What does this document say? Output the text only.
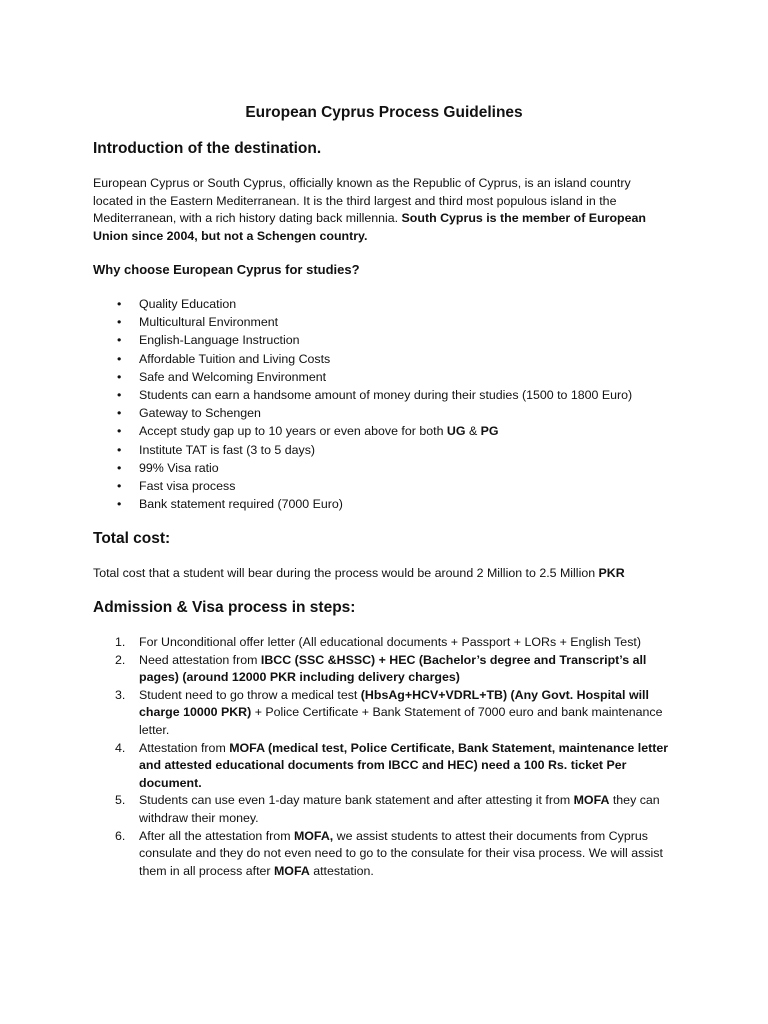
European Cyprus Process Guidelines
Introduction of the destination.
European Cyprus or South Cyprus, officially known as the Republic of Cyprus, is an island country located in the Eastern Mediterranean. It is the third largest and third most populous island in the Mediterranean, with a rich history dating back millennia. South Cyprus is the member of European Union since 2004, but not a Schengen country.
Why choose European Cyprus for studies?
• Quality Education
• Multicultural Environment
• English-Language Instruction
• Affordable Tuition and Living Costs
• Safe and Welcoming Environment
• Students can earn a handsome amount of money during their studies (1500 to 1800 Euro)
• Gateway to Schengen
• Accept study gap up to 10 years or even above for both UG & PG
• Institute TAT is fast (3 to 5 days)
• 99% Visa ratio
• Fast visa process
• Bank statement required (7000 Euro)
Total cost:
Total cost that a student will bear during the process would be around 2 Million to 2.5 Million PKR
Admission & Visa process in steps:
1. For Unconditional offer letter (All educational documents + Passport + LORs + English Test)
2. Need attestation from IBCC (SSC &HSSC) + HEC (Bachelor’s degree and Transcript’s all pages) (around 12000 PKR including delivery charges)
3. Student need to go throw a medical test (HbsAg+HCV+VDRL+TB) (Any Govt. Hospital will charge 10000 PKR) + Police Certificate + Bank Statement of 7000 euro and bank maintenance letter.
4. Attestation from MOFA (medical test, Police Certificate, Bank Statement, maintenance letter and attested educational documents from IBCC and HEC) need a 100 Rs. ticket Per document.
5. Students can use even 1-day mature bank statement and after attesting it from MOFA they can withdraw their money.
6. After all the attestation from MOFA, we assist students to attest their documents from Cyprus consulate and they do not even need to go to the consulate for their visa process. We will assist them in all process after MOFA attestation.
